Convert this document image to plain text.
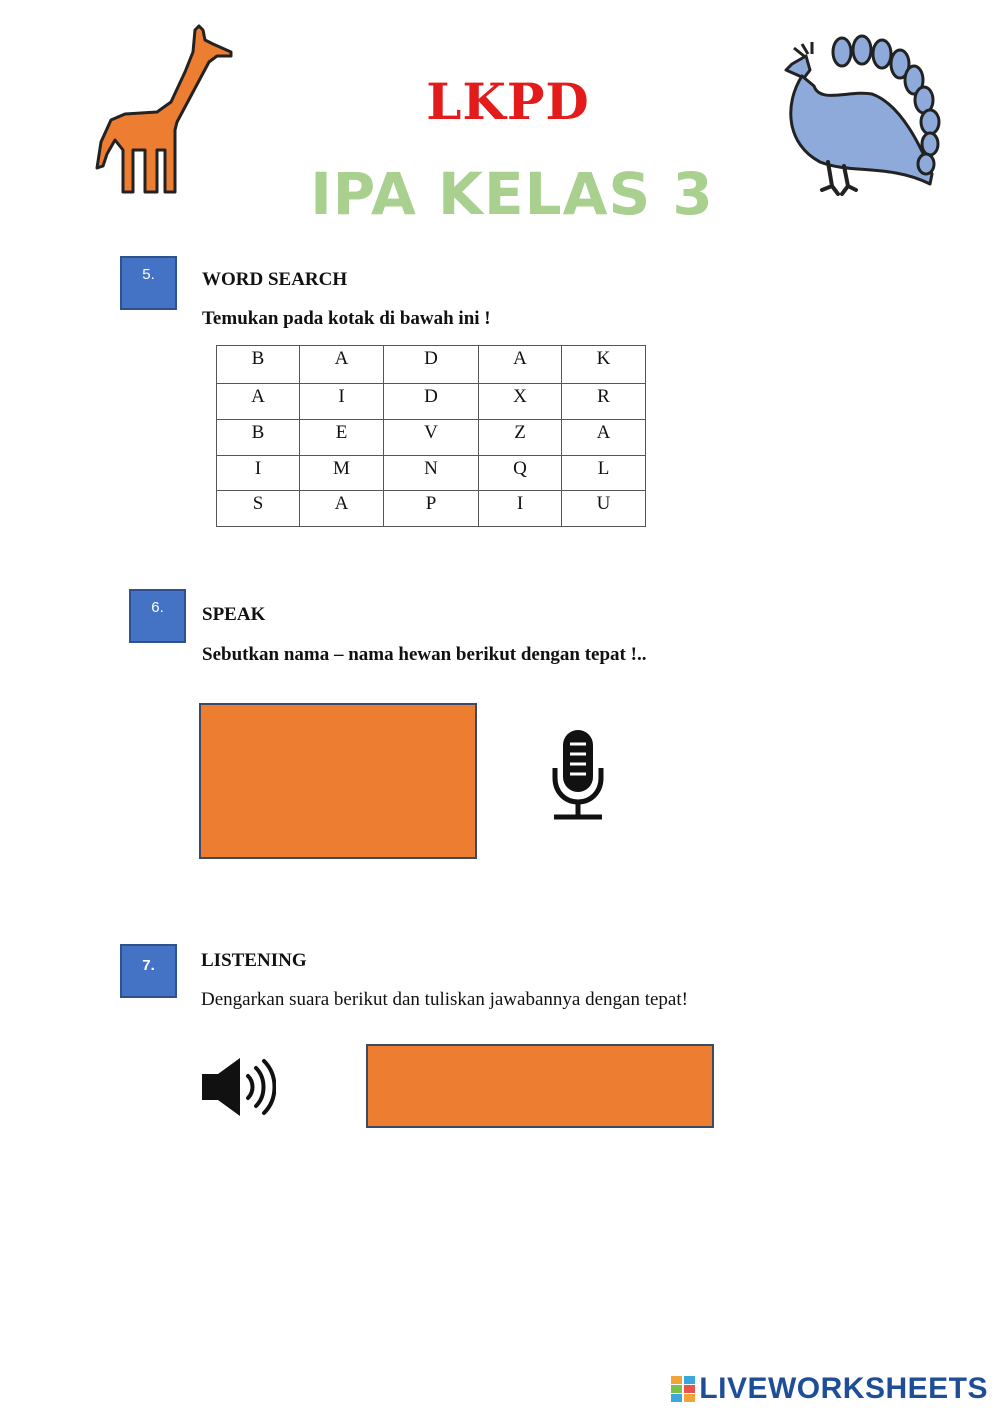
LKPD
IPA KELAS 3
5.	WORD SEARCH
Temukan pada kotak di bawah ini !
B	A	D	A	K
A	I	D	X	R
B	E	V	Z	A
I	M	N	Q	L
S	A	P	I	U
6.	SPEAK
Sebutkan nama – nama hewan berikut dengan tepat !..
7.	LISTENING
Dengarkan suara berikut dan tuliskan jawabannya dengan tepat!
LIVEWORKSHEETS
